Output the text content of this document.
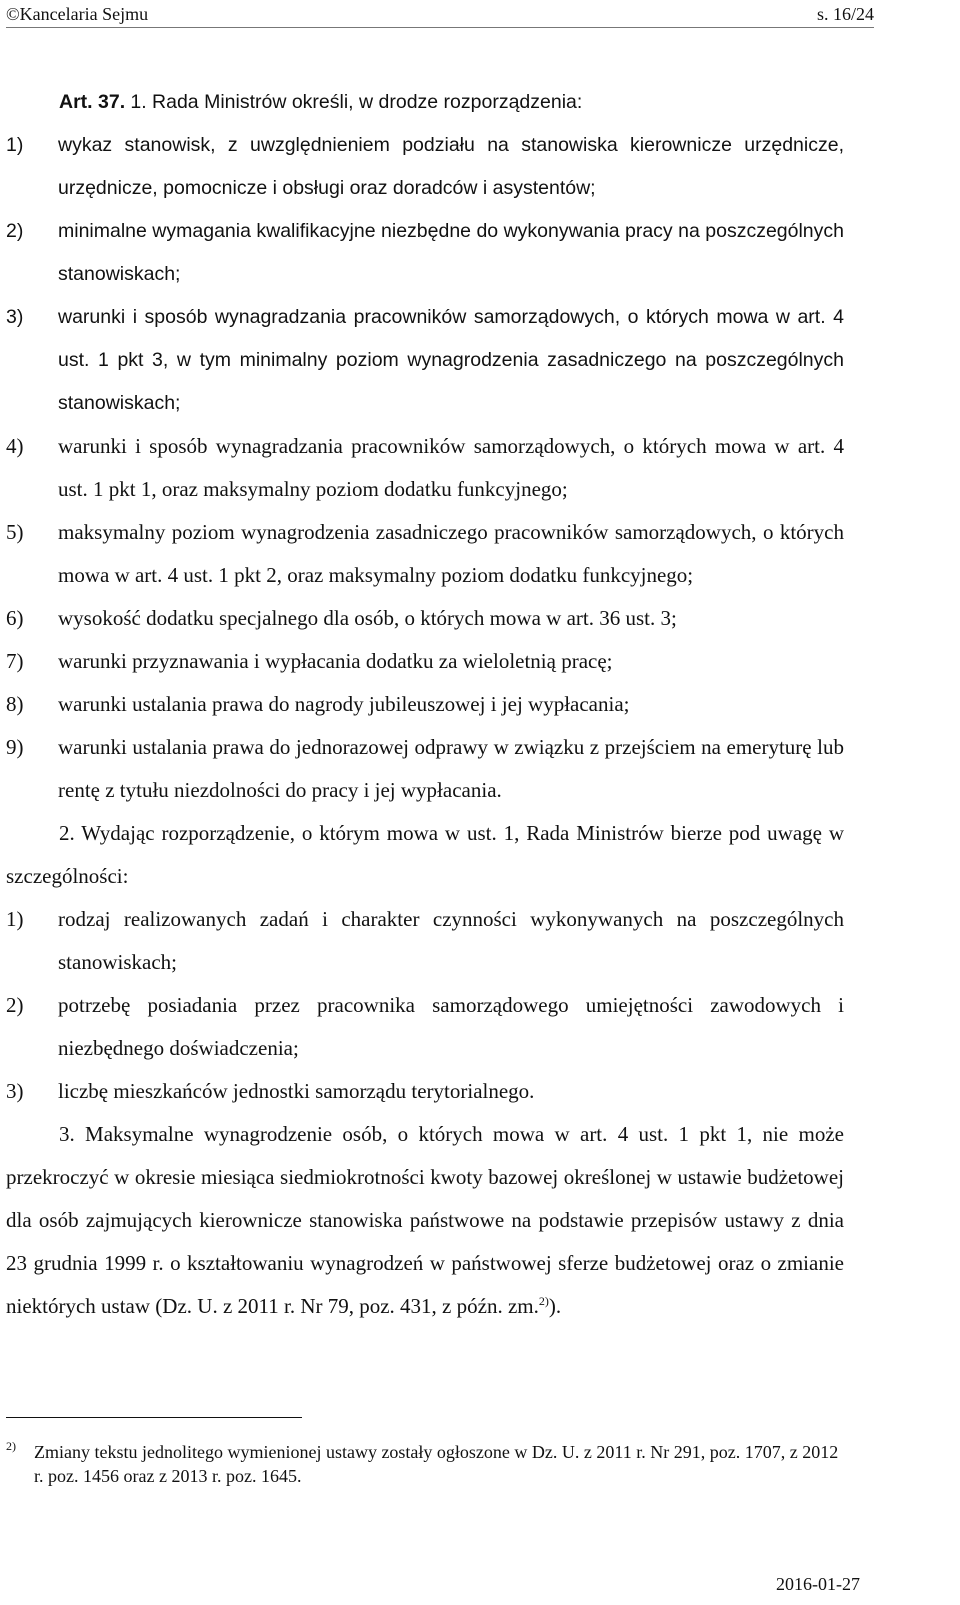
©Kancelaria Sejmu	s. 16/24

Art. 37. 1. Rada Ministrów określi, w drodze rozporządzenia:

1) wykaz stanowisk, z uwzględnieniem podziału na stanowiska kierownicze urzędnicze, urzędnicze, pomocnicze i obsługi oraz doradców i asystentów;
2) minimalne wymagania kwalifikacyjne niezbędne do wykonywania pracy na poszczególnych stanowiskach;
3) warunki i sposób wynagradzania pracowników samorządowych, o których mowa w art. 4 ust. 1 pkt 3, w tym minimalny poziom wynagrodzenia zasadniczego na poszczególnych stanowiskach;
4) warunki i sposób wynagradzania pracowników samorządowych, o których mowa w art. 4 ust. 1 pkt 1, oraz maksymalny poziom dodatku funkcyjnego;
5) maksymalny poziom wynagrodzenia zasadniczego pracowników samorządowych, o których mowa w art. 4 ust. 1 pkt 2, oraz maksymalny poziom dodatku funkcyjnego;
6) wysokość dodatku specjalnego dla osób, o których mowa w art. 36 ust. 3;
7) warunki przyznawania i wypłacania dodatku za wieloletnią pracę;
8) warunki ustalania prawa do nagrody jubileuszowej i jej wypłacania;
9) warunki ustalania prawa do jednorazowej odprawy w związku z przejściem na emeryturę lub rentę z tytułu niezdolności do pracy i jej wypłacania.

2. Wydając rozporządzenie, o którym mowa w ust. 1, Rada Ministrów bierze pod uwagę w szczególności:

1) rodzaj realizowanych zadań i charakter czynności wykonywanych na poszczególnych stanowiskach;
2) potrzebę posiadania przez pracownika samorządowego umiejętności zawodowych i niezbędnego doświadczenia;
3) liczbę mieszkańców jednostki samorządu terytorialnego.

3. Maksymalne wynagrodzenie osób, o których mowa w art. 4 ust. 1 pkt 1, nie może przekroczyć w okresie miesiąca siedmiokrotności kwoty bazowej określonej w ustawie budżetowej dla osób zajmujących kierownicze stanowiska państwowe na podstawie przepisów ustawy z dnia 23 grudnia 1999 r. o kształtowaniu wynagrodzeń w państwowej sferze budżetowej oraz o zmianie niektórych ustaw (Dz. U. z 2011 r. Nr 79, poz. 431, z późn. zm.$^{2)}$).

2)	Zmiany tekstu jednolitego wymienionej ustawy zostały ogłoszone w Dz. U. z 2011 r. Nr 291, poz. 1707, z 2012 r. poz. 1456 oraz z 2013 r. poz. 1645.
2016-01-27
